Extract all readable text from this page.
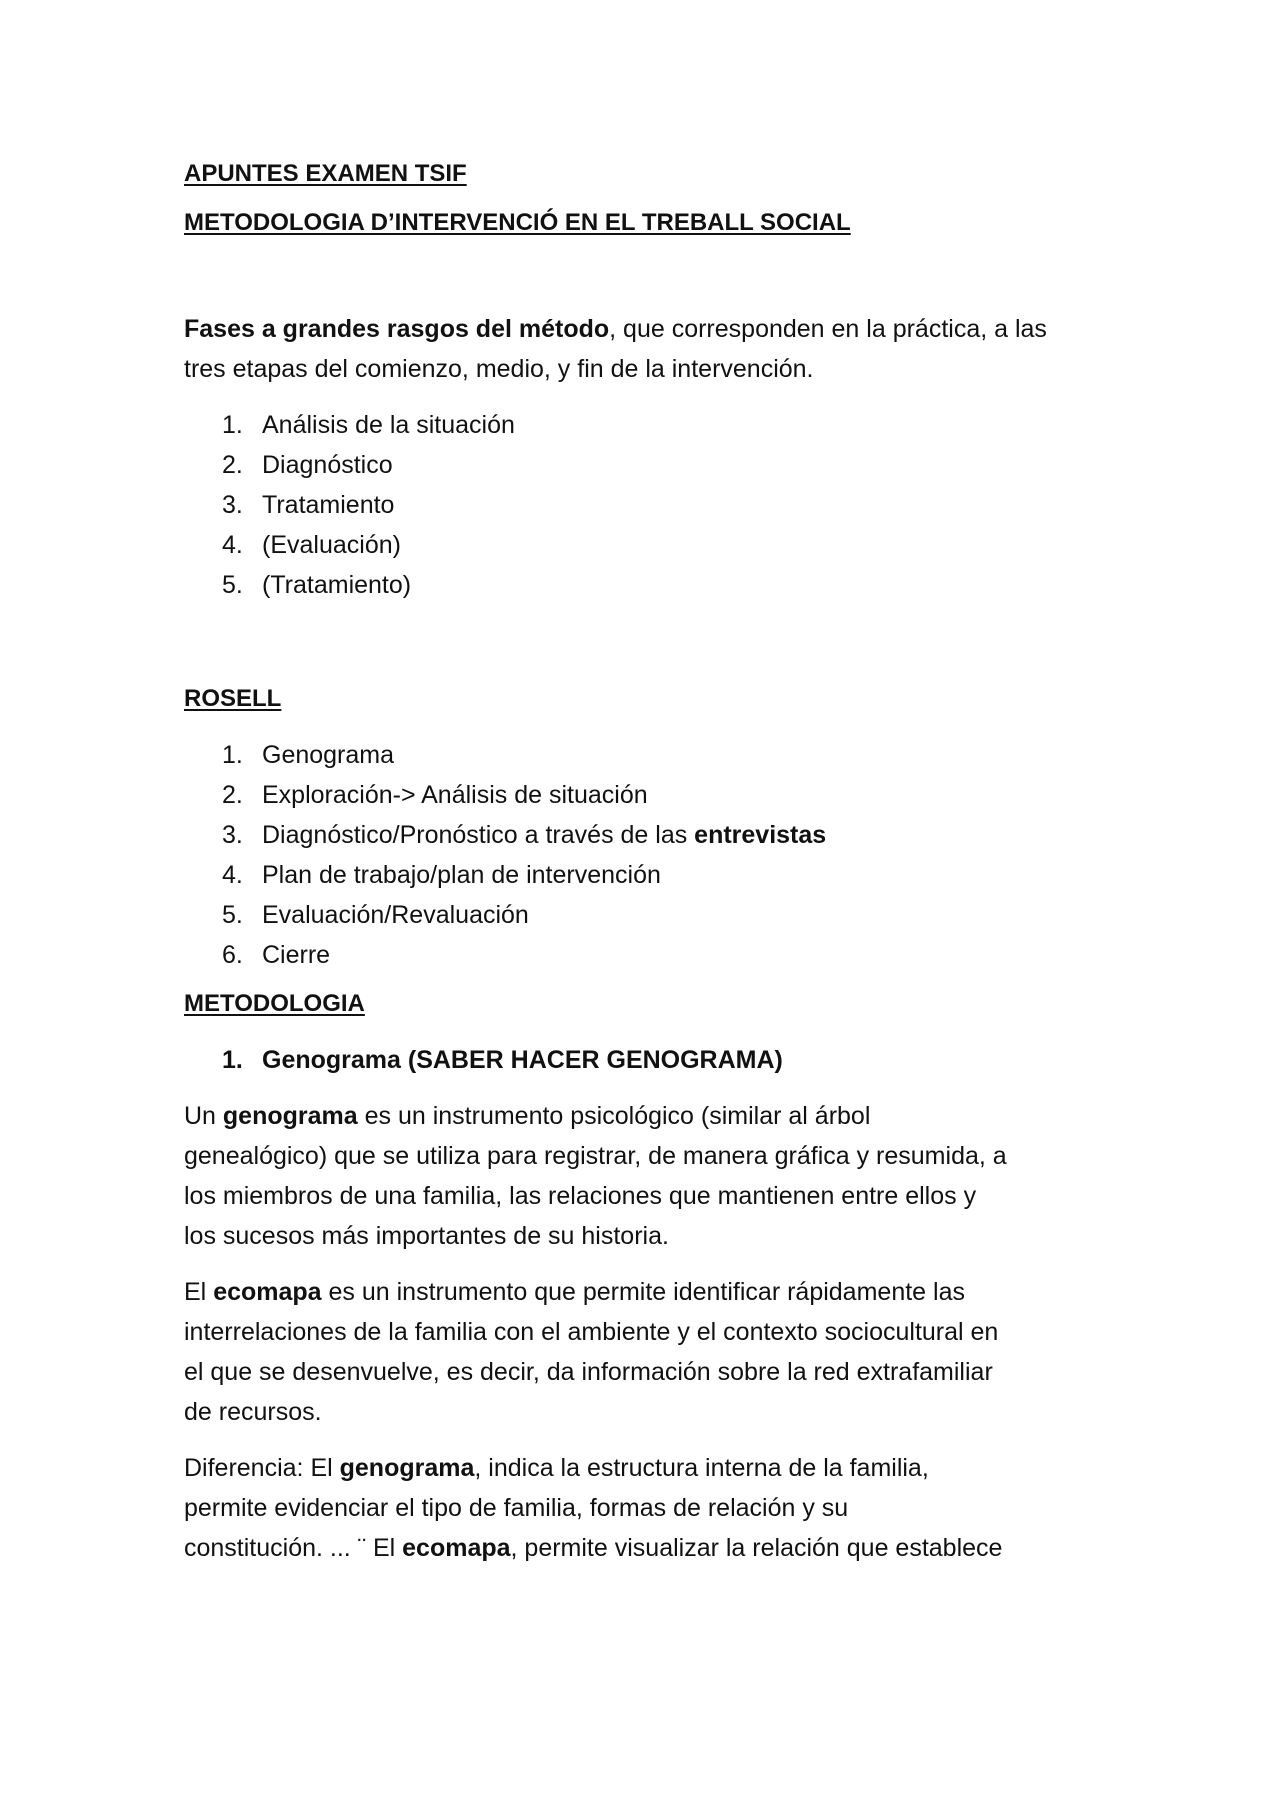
APUNTES EXAMEN TSIF

METODOLOGIA D’INTERVENCIÓ EN EL TREBALL SOCIAL

Fases a grandes rasgos del método, que corresponden en la práctica, a las
tres etapas del comienzo, medio, y fin de la intervención.

1. Análisis de la situación
2. Diagnóstico
3. Tratamiento
4. (Evaluación)
5. (Tratamiento)

ROSELL

1. Genograma
2. Exploración-> Análisis de situación
3. Diagnóstico/Pronóstico a través de las entrevistas
4. Plan de trabajo/plan de intervención
5. Evaluación/Revaluación
6. Cierre

METODOLOGIA

1. Genograma (SABER HACER GENOGRAMA)

Un genograma es un instrumento psicológico (similar al árbol
genealógico) que se utiliza para registrar, de manera gráfica y resumida, a
los miembros de una familia, las relaciones que mantienen entre ellos y
los sucesos más importantes de su historia.

El ecomapa es un instrumento que permite identificar rápidamente las
interrelaciones de la familia con el ambiente y el contexto sociocultural en
el que se desenvuelve, es decir, da información sobre la red extrafamiliar
de recursos.

Diferencia: El genograma, indica la estructura interna de la familia,
permite evidenciar el tipo de familia, formas de relación y su
constitución. ... ¨ El ecomapa, permite visualizar la relación que establece
